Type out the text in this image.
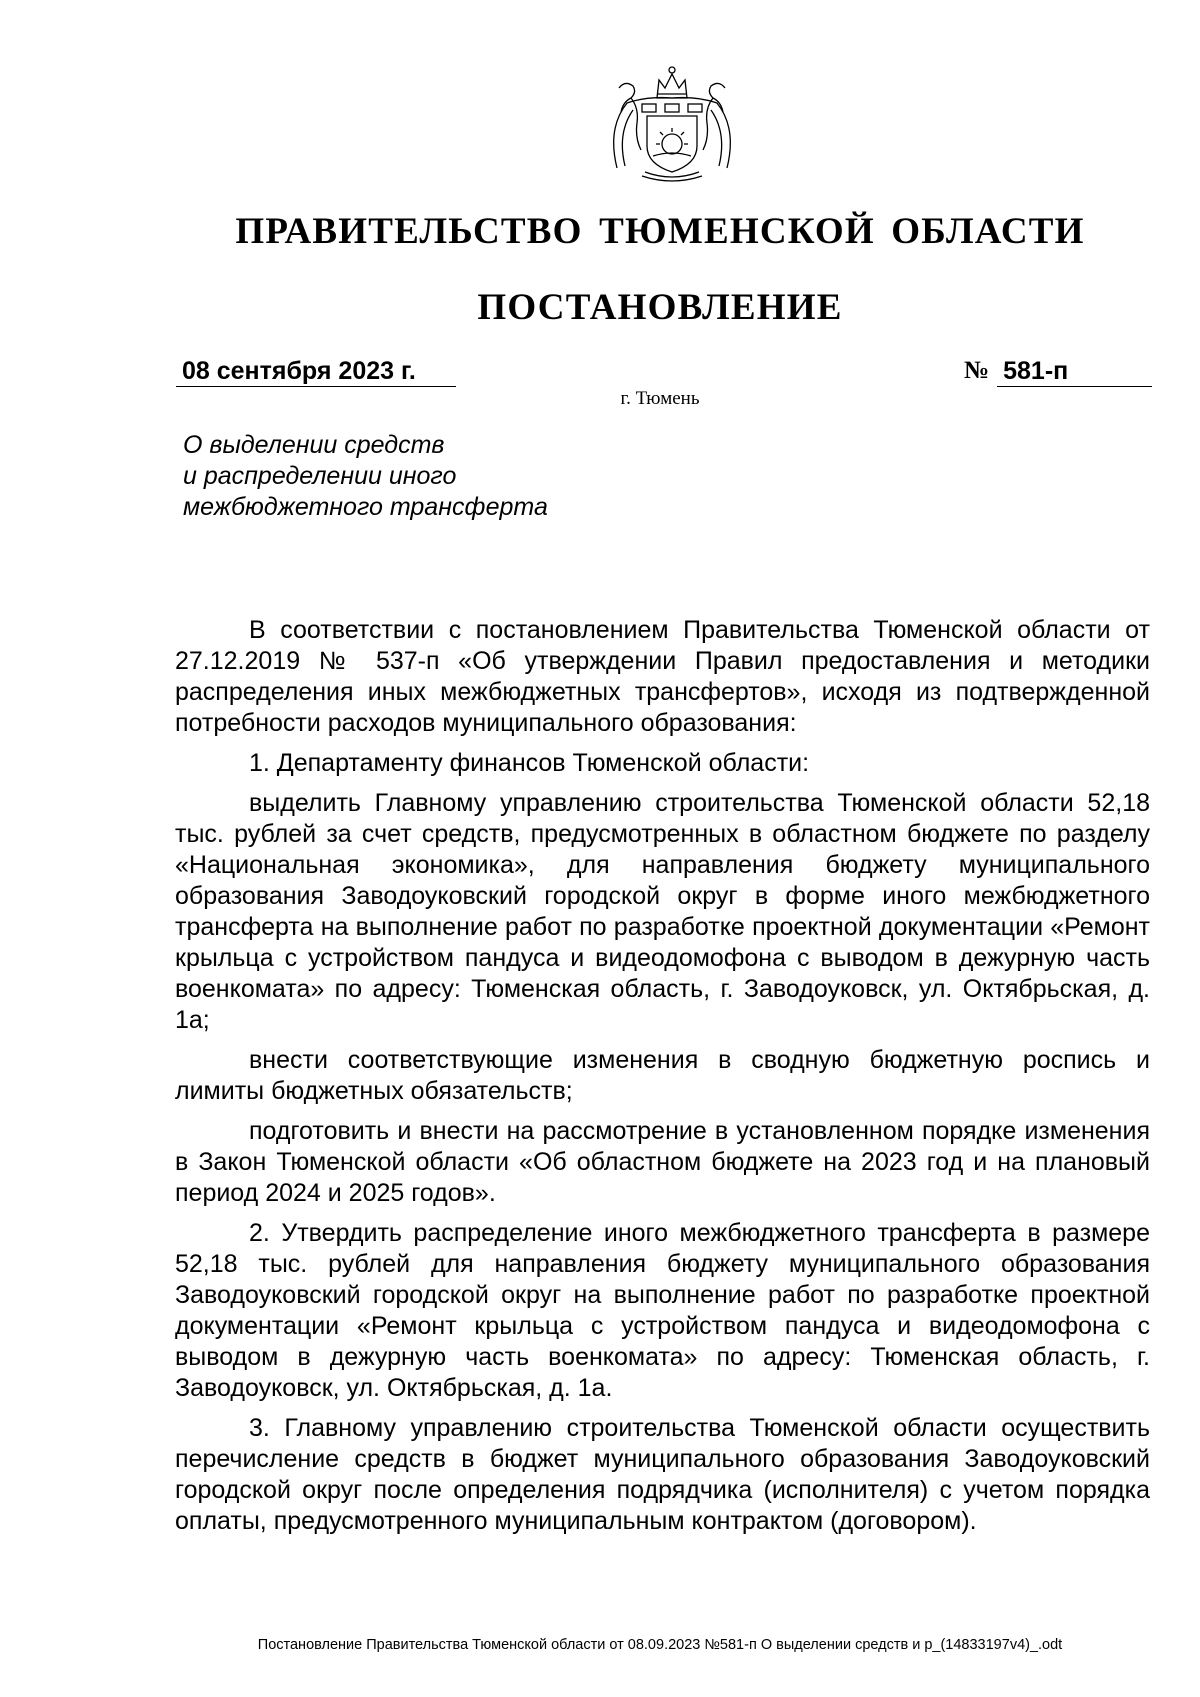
ПРАВИТЕЛЬСТВО ТЮМЕНСКОЙ ОБЛАСТИ
ПОСТАНОВЛЕНИЕ
08 сентября 2023 г.	№ 581-п
г. Тюмень
О выделении средств
и распределении иного
межбюджетного трансферта

В соответствии с постановлением Правительства Тюменской области от 27.12.2019 № 537-п «Об утверждении Правил предоставления и методики распределения иных межбюджетных трансфертов», исходя из подтвержденной потребности расходов муниципального образования:

1. Департаменту финансов Тюменской области:

выделить Главному управлению строительства Тюменской области 52,18 тыс. рублей за счет средств, предусмотренных в областном бюджете по разделу «Национальная экономика», для направления бюджету муниципального образования Заводоуковский городской округ в форме иного межбюджетного трансферта на выполнение работ по разработке проектной документации «Ремонт крыльца с устройством пандуса и видеодомофона с выводом в дежурную часть военкомата» по адресу: Тюменская область, г. Заводоуковск, ул. Октябрьская, д. 1а;

внести соответствующие изменения в сводную бюджетную роспись и лимиты бюджетных обязательств;

подготовить и внести на рассмотрение в установленном порядке изменения в Закон Тюменской области «Об областном бюджете на 2023 год и на плановый период 2024 и 2025 годов».

2. Утвердить распределение иного межбюджетного трансферта в размере 52,18 тыс. рублей для направления бюджету муниципального образования Заводоуковский городской округ на выполнение работ по разработке проектной документации «Ремонт крыльца с устройством пандуса и видеодомофона с выводом в дежурную часть военкомата» по адресу: Тюменская область, г. Заводоуковск, ул. Октябрьская, д. 1а.

3. Главному управлению строительства Тюменской области осуществить перечисление средств в бюджет муниципального образования Заводоуковский городской округ после определения подрядчика (исполнителя) с учетом порядка оплаты, предусмотренного муниципальным контрактом (договором).

Постановление Правительства Тюменской области от 08.09.2023 №581-п О выделении средств и р_(14833197v4)_.odt
